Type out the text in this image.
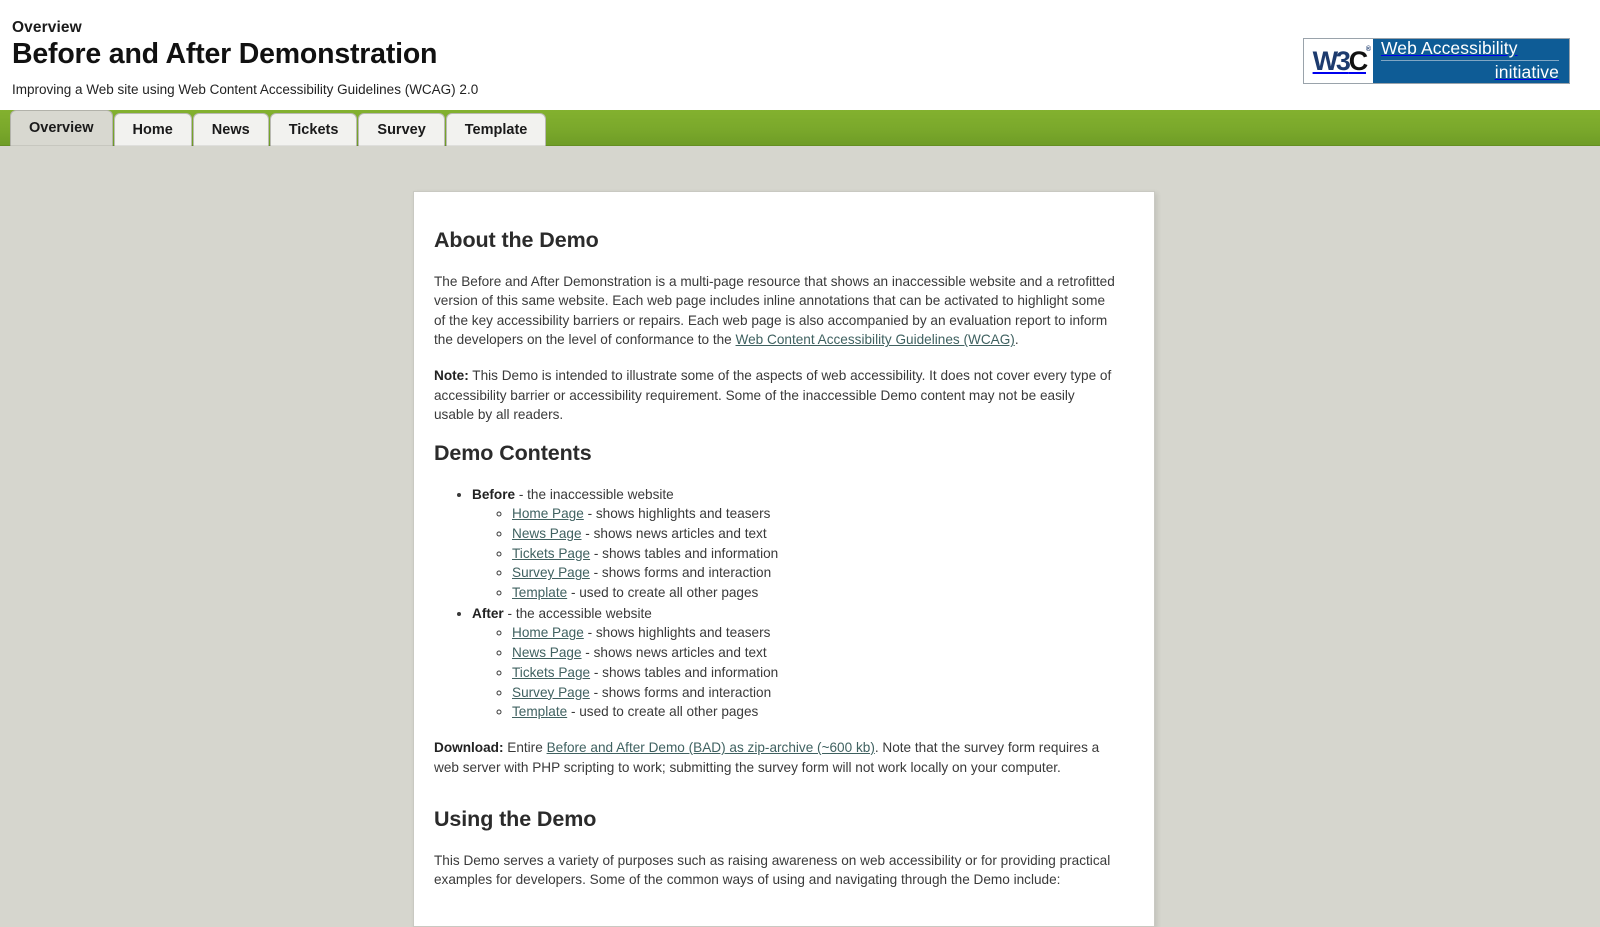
Overview

Before and After Demonstration

Improving a Web site using Web Content Accessibility Guidelines (WCAG) 2.0

W3C ® Web Accessibility
initiative
Overview	Home	News	Tickets	Survey	Template
About the Demo

The Before and After Demonstration is a multi-page resource that shows an inaccessible website and a retrofitted version of this same website. Each web page includes inline annotations that can be activated to highlight some of the key accessibility barriers or repairs. Each web page is also accompanied by an evaluation report to inform the developers on the level of conformance to the Web Content Accessibility Guidelines (WCAG).

Note: This Demo is intended to illustrate some of the aspects of web accessibility. It does not cover every type of accessibility barrier or accessibility requirement. Some of the inaccessible Demo content may not be easily usable by all readers.

Demo Contents
• Before - the inaccessible website
◦ Home Page - shows highlights and teasers
◦ News Page - shows news articles and text
◦ Tickets Page - shows tables and information
◦ Survey Page - shows forms and interaction
◦ Template - used to create all other pages
• After - the accessible website
◦ Home Page - shows highlights and teasers
◦ News Page - shows news articles and text
◦ Tickets Page - shows tables and information
◦ Survey Page - shows forms and interaction
◦ Template - used to create all other pages

Download: Entire Before and After Demo (BAD) as zip-archive (~600 kb). Note that the survey form requires a web server with PHP scripting to work; submitting the survey form will not work locally on your computer.

Using the Demo

This Demo serves a variety of purposes such as raising awareness on web accessibility or for providing practical examples for developers. Some of the common ways of using and navigating through the Demo include:
